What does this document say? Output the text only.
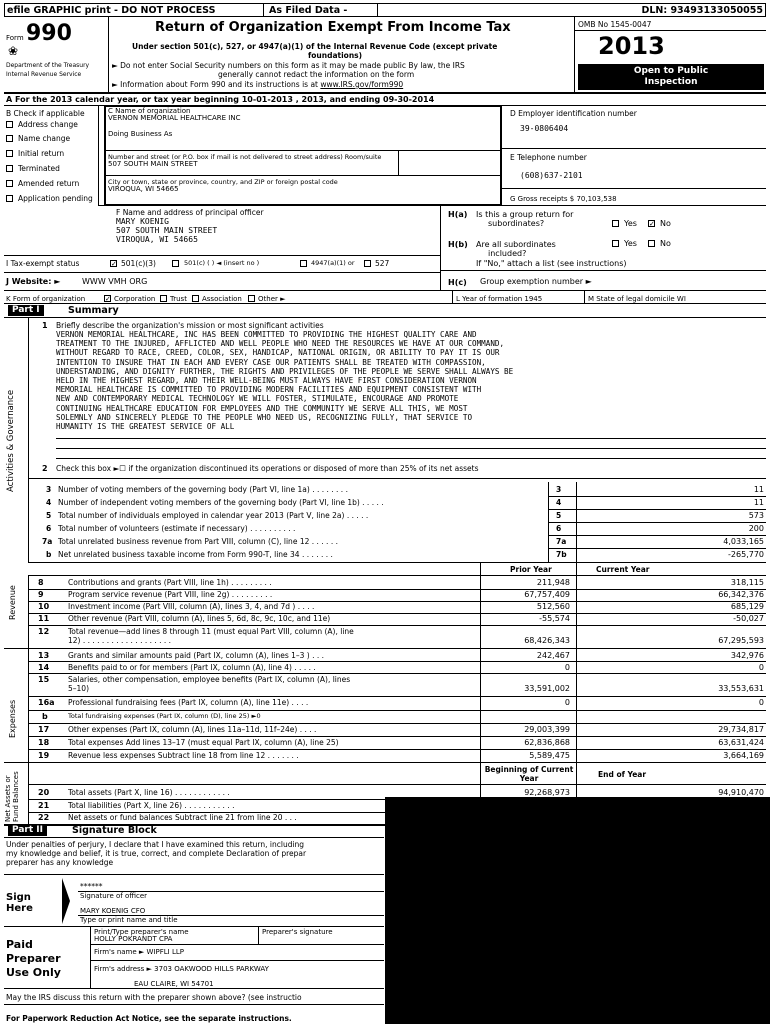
efile GRAPHIC print - DO NOT PROCESS	As Filed Data -	DLN: 93493133050055
Form 990
❀
Department of the Treasury
Internal Revenue Service
Return of Organization Exempt From Income Tax
Under section 501(c), 527, or 4947(a)(1) of the Internal Revenue Code (except private
foundations)
► Do not enter Social Security numbers on this form as it may be made public By law, the IRS
generally cannot redact the information on the form
► Information about Form 990 and its instructions is at www.IRS.gov/form990
OMB No 1545-0047
2013
Open to Public
Inspection
A For the 2013 calendar year, or tax year beginning 10-01-2013 , 2013, and ending 09-30-2014
B Check if applicable
Address change
Name change
Initial return
Terminated
Amended return
Application pending
C Name of organization
VERNON MEMORIAL HEALTHCARE INC
Doing Business As
Number and street (or P.O. box if mail is not delivered to street address) Room/suite
507 SOUTH MAIN STREET
City or town, state or province, country, and ZIP or foreign postal code
VIROQUA, WI 54665
D Employer identification number
39-0806404
E Telephone number
(608)637-2101
G Gross receipts $ 70,103,538
F Name and address of principal officer
MARY KOENIG
507 SOUTH MAIN STREET
VIROQUA, WI 54665
H(a) Is this a group return for
subordinates?	Yes ✓ No
H(b) Are all subordinates
included?
Yes	No
If "No," attach a list (see instructions)
H(c) Group exemption number ►
I Tax-exempt status	✓ 501(c)(3)	501(c) ( ) ◄ (insert no )	4947(a)(1) or	527
J Website: ►	WWW VMH ORG
K Form of organization	✓ Corporation Trust Association Other ►	L Year of formation 1945	M State of legal domicile WI
Part I	Summary
Activities & Governance
1 Briefly describe the organization's mission or most significant activities
VERNON MEMORIAL HEALTHCARE, INC HAS BEEN COMMITTED TO PROVIDING THE HIGHEST QUALITY CARE AND
TREATMENT TO THE INJURED, AFFLICTED AND WELL PEOPLE WHO NEED THE RESOURCES WE HAVE AT OUR COMMAND,
WITHOUT REGARD TO RACE, CREED, COLOR, SEX, HANDICAP, NATIONAL ORIGIN, OR ABILITY TO PAY IT IS OUR
INTENTION TO INSURE THAT IN EACH AND EVERY CASE OUR PATIENTS SHALL BE TREATED WITH COMPASSION,
UNDERSTANDING, AND DIGNITY FURTHER, THE RIGHTS AND PRIVILEGES OF THE PEOPLE WE SERVE SHALL ALWAYS BE
HELD IN THE HIGHEST REGARD, AND THEIR WELL-BEING MUST ALWAYS HAVE FIRST CONSIDERATION VERNON
MEMORIAL HEALTHCARE IS COMMITTED TO PROVIDING MODERN FACILITIES AND EQUIPMENT CONSISTENT WITH
NEW AND CONTEMPORARY MEDICAL TECHNOLOGY WE WILL FOSTER, STIMULATE, ENCOURAGE AND PROMOTE
CONTINUING HEALTHCARE EDUCATION FOR EMPLOYEES AND THE COMMUNITY WE SERVE ALL THIS, WE MOST
SOLEMNLY AND SINCERELY PLEDGE TO THE PEOPLE WHO NEED US, RECOGNIZING FULLY, THAT SERVICE TO
HUMANITY IS THE GREATEST SERVICE OF ALL
2 Check this box ►☐ if the organization discontinued its operations or disposed of more than 25% of its net assets
3 Number of voting members of the governing body (Part VI, line 1a) . . . . . . . .	3	11
4 Number of independent voting members of the governing body (Part VI, line 1b) . . . . .	4	11
5 Total number of individuals employed in calendar year 2013 (Part V, line 2a) . . . . .	5	573
6 Total number of volunteers (estimate if necessary) . . . . . . . . . .	6	200
7a Total unrelated business revenue from Part VIII, column (C), line 12 . . . . . .	7a	4,033,165
b Net unrelated business taxable income from Form 990-T, line 34 . . . . . . .	7b	-265,770
Prior Year	Current Year
Revenue
8	Contributions and grants (Part VIII, line 1h) . . . . . . . . .	211,948	318,115
9	Program service revenue (Part VIII, line 2g) . . . . . . . . .	67,757,409	66,342,376
10	Investment income (Part VIII, column (A), lines 3, 4, and 7d ) . . . .	512,560	685,129
11	Other revenue (Part VIII, column (A), lines 5, 6d, 8c, 9c, 10c, and 11e)	-55,574	-50,027
12	Total revenue—add lines 8 through 11 (must equal Part VIII, column (A), line
12) . . . . . . . . . . . . . . . . . . .	68,426,343	67,295,593
Expenses
13	Grants and similar amounts paid (Part IX, column (A), lines 1–3 ) . . .	242,467	342,976
14	Benefits paid to or for members (Part IX, column (A), line 4) . . . . .	0	0
15	Salaries, other compensation, employee benefits (Part IX, column (A), lines
5–10)	33,591,002	33,553,631
16a Professional fundraising fees (Part IX, column (A), line 11e) . . . .	0	0
b	Total fundraising expenses (Part IX, column (D), line 25) ►0
17	Other expenses (Part IX, column (A), lines 11a–11d, 11f–24e) . . . .	29,003,399	29,734,817
18	Total expenses Add lines 13–17 (must equal Part IX, column (A), line 25)	62,836,868	63,631,424
19	Revenue less expenses Subtract line 18 from line 12 . . . . . . .	5,589,475	3,664,169
Net Assets or Fund Balances
Beginning of Current Year	End of Year
20	Total assets (Part X, line 16) . . . . . . . . . . . .	92,268,973	94,910,470
21	Total liabilities (Part X, line 26) . . . . . . . . . . .
22	Net assets or fund balances Subtract line 21 from line 20 . . .
Part II	Signature Block
Under penalties of perjury, I declare that I have examined this return, including
my knowledge and belief, it is true, correct, and complete Declaration of prepar
preparer has any knowledge
Sign
Here
******
Signature of officer
MARY KOENIG CFO
Type or print name and title
Paid
Preparer
Use Only
Print/Type preparer's name
HOLLY POKRANDT CPA
Preparer's signature
Firm's name ► WIPFLI LLP
Firm's address ► 3703 OAKWOOD HILLS PARKWAY
EAU CLAIRE, WI 54701
May the IRS discuss this return with the preparer shown above? (see instructio
For Paperwork Reduction Act Notice, see the separate instructions.
